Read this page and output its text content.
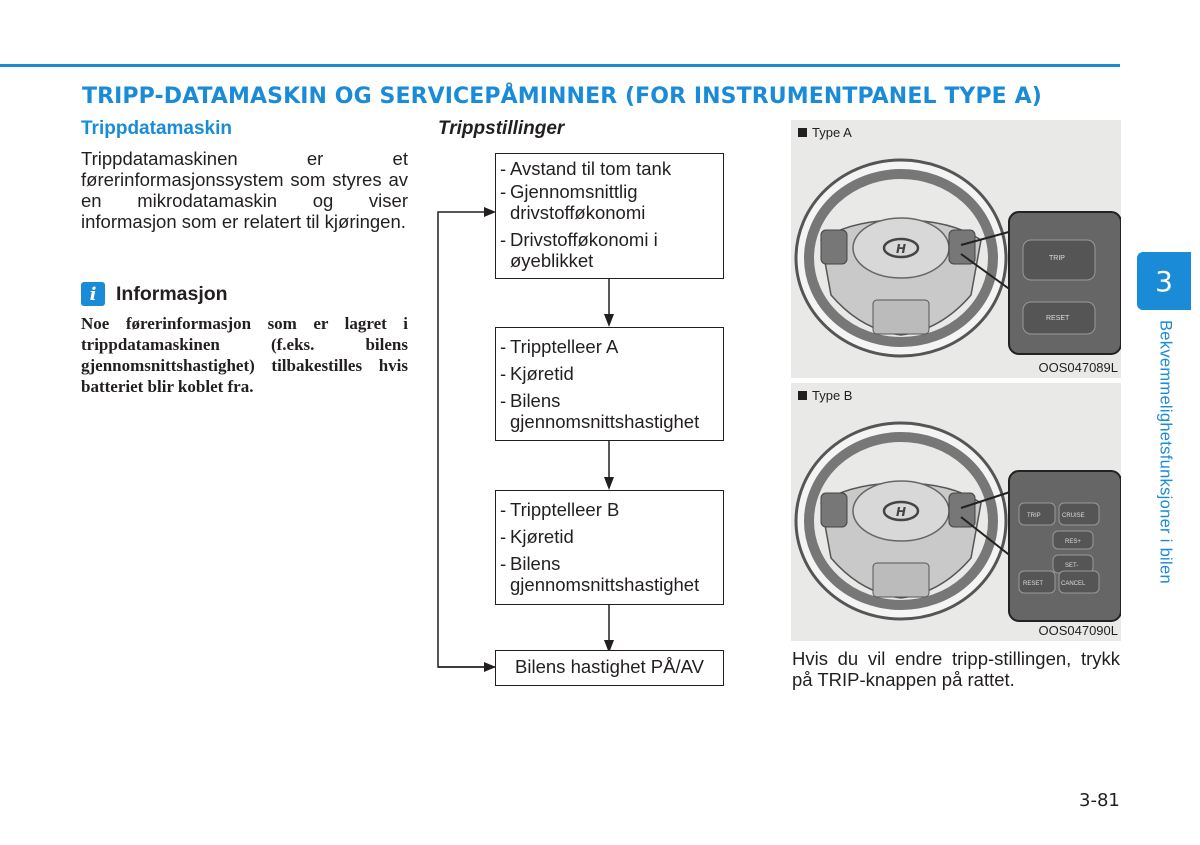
TRIPP-DATAMASKIN OG SERVICEPÅMINNER (FOR INSTRUMENTPANEL TYPE A)
Trippdatamaskin
Trippdatamaskinen er et førerinformasjonssystem som styres av en mikrodatamaskin og viser informasjon som er relatert til kjøringen.
i	Informasjon
Noe førerinformasjon som er lagret i trippdatamaskinen (f.eks. bilens gjennomsnittshastighet) tilbakestilles hvis batteriet blir koblet fra.
Trippstillinger
- Avstand til tom tank
- Gjennomsnittlig drivstofføkonomi
- Drivstofføkonomi i øyeblikket
- Tripptelleer A
- Kjøretid
- Bilens gjennomsnittshastighet
- Tripptelleer B
- Kjøretid
- Bilens gjennomsnittshastighet
Bilens hastighet PÅ/AV
Type A
H
TRIP
RESET
OOS047089L
Type B
H	TRIP	CRUISE
RES+
SET-
RESET	CANCEL
OOS047090L
Hvis du vil endre tripp-stillingen, trykk på TRIP-knappen på rattet.
3
Bekvemmelighetsfunksjoner i bilen
3-81
